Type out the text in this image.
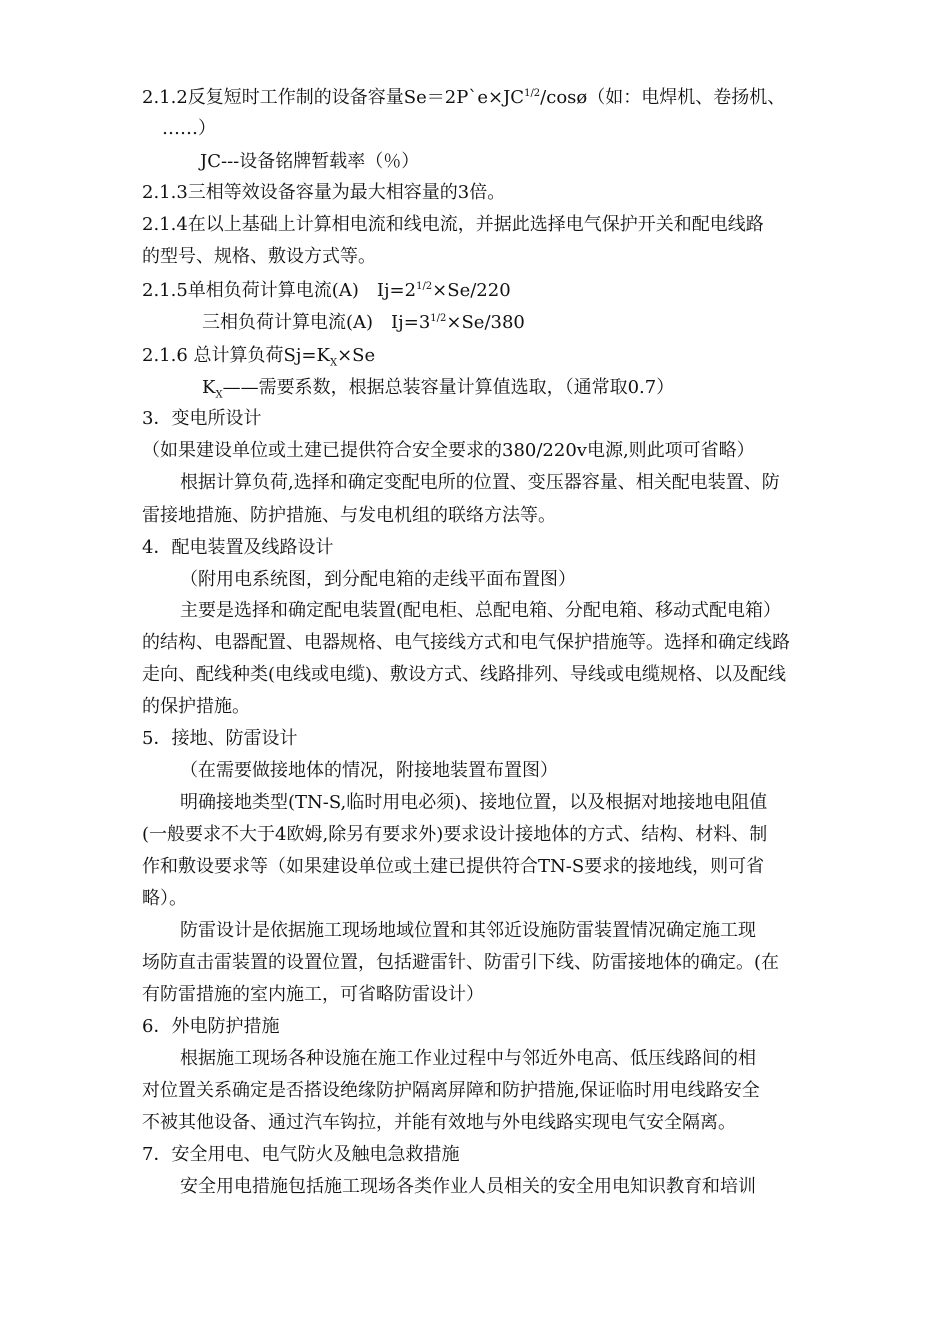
2.1.2反复短时工作制的设备容量$Se=2P`e\times JC^{1/2}/\cos ø$（如：电焊机、卷扬机、
……）
JC---设备铭牌暂载率（％）
2.1.3三相等效设备容量为最大相容量的3倍。
2.1.4在以上基础上计算相电流和线电流，并据此选择电气保护开关和配电线路
的型号、规格、敷设方式等。
2.1.5单相负荷计算电流(A)　$Ij=2^{1/2}\times Se/220$
三相负荷计算电流(A)　$Ij=3^{1/2}\times Se/380$
2.1.6 总计算负荷$Sj=K_X\times Se$
$K_X——$需要系数，根据总装容量计算值选取，（通常取0.7）
3．变电所设计
（如果建设单位或土建已提供符合安全要求的380/220v电源,则此项可省略）
根据计算负荷,选择和确定变配电所的位置、变压器容量、相关配电装置、防
雷接地措施、防护措施、与发电机组的联络方法等。
4．配电装置及线路设计
（附用电系统图，到分配电箱的走线平面布置图）
主要是选择和确定配电装置(配电柜、总配电箱、分配电箱、移动式配电箱）
的结构、电器配置、电器规格、电气接线方式和电气保护措施等。选择和确定线路
走向、配线种类(电线或电缆)、敷设方式、线路排列、导线或电缆规格、以及配线
的保护措施。
5．接地、防雷设计
（在需要做接地体的情况，附接地装置布置图）
明确接地类型(TN-S,临时用电必须)、接地位置，以及根据对地接地电阻值
(一般要求不大于4欧姆,除另有要求外)要求设计接地体的方式、结构、材料、制
作和敷设要求等（如果建设单位或土建已提供符合TN-S要求的接地线，则可省
略）。
防雷设计是依据施工现场地域位置和其邻近设施防雷装置情况确定施工现
场防直击雷装置的设置位置，包括避雷针、防雷引下线、防雷接地体的确定。(在
有防雷措施的室内施工，可省略防雷设计）
6．外电防护措施
根据施工现场各种设施在施工作业过程中与邻近外电高、低压线路间的相
对位置关系确定是否搭设绝缘防护隔离屏障和防护措施,保证临时用电线路安全
不被其他设备、通过汽车钩拉，并能有效地与外电线路实现电气安全隔离。
7．安全用电、电气防火及触电急救措施
安全用电措施包括施工现场各类作业人员相关的安全用电知识教育和培训
